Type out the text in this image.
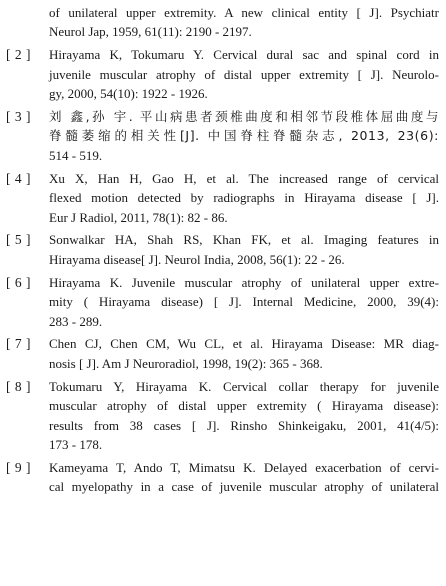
of unilateral upper extremity. A new clinical entity [ J]. Psychiatr
Neurol Jap, 1959, 61(11): 2190 - 2197.
[ 2 ]	Hirayama K, Tokumaru Y. Cervical dural sac and spinal cord in
juvenile muscular atrophy of distal upper extremity [ J]. Neurolo-
gy, 2000, 54(10): 1922 - 1926.
[ 3 ]	刘 鑫,孙 宇. 平山病患者颈椎曲度和相邻节段椎体屈曲度与
脊髓萎缩的相关性[J]. 中国脊柱脊髓杂志, 2013, 23(6):
514 - 519.
[ 4 ]	Xu X, Han H, Gao H, et al. The increased range of cervical
flexed motion detected by radiographs in Hirayama disease [ J].
Eur J Radiol, 2011, 78(1): 82 - 86.
[ 5 ]	Sonwalkar HA, Shah RS, Khan FK, et al. Imaging features in
Hirayama disease[ J]. Neurol India, 2008, 56(1): 22 - 26.
[ 6 ]	Hirayama K. Juvenile muscular atrophy of unilateral upper extre-
mity ( Hirayama disease) [ J]. Internal Medicine, 2000, 39(4):
283 - 289.
[ 7 ]	Chen CJ, Chen CM, Wu CL, et al. Hirayama Disease: MR diag-
nosis [ J]. Am J Neuroradiol, 1998, 19(2): 365 - 368.
[ 8 ]	Tokumaru Y, Hirayama K. Cervical collar therapy for juvenile
muscular atrophy of distal upper extremity ( Hirayama disease):
results from 38 cases [ J]. Rinsho Shinkeigaku, 2001, 41(4/5):
173 - 178.
[ 9 ]	Kameyama T, Ando T, Mimatsu K. Delayed exacerbation of cervi-
cal myelopathy in a case of juvenile muscular atrophy of unilateral
